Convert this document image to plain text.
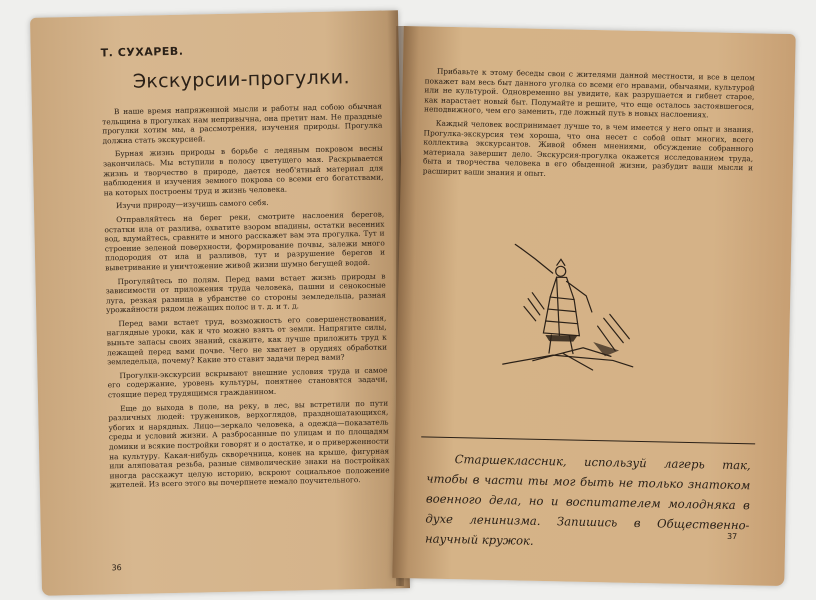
Т. СУХАРЕВ.
Экскурсии-прогулки.

В наше время напряженной мысли и работы над собою обычная тельщина в прогулках нам непривычна, она претит нам. Не праздные прогулки хотим мы, а рассмотрения, изучения природы. Прогулка должна стать экскурсией.

Бурная жизнь природы в борьбе с ледяным покровом весны закончилась. Мы вступили в полосу цветущего мая. Раскрывается жизнь и творчество в природе, дается необ'ятный материал для наблюдения и изучения земного покрова со всеми его богатствами, на которых построены труд и жизнь человека.

Изучи природу—изучишь самого себя.

Отправляйтесь на берег реки, смотрите наслоения берегов, остатки ила от разлива, охватите взором впадины, остатки весенних вод, вдумайтесь, сравните и много расскажет вам эта прогулка. Тут и строение зеленой поверхности, формирование почвы, залежи много плодородия от ила и разливов, тут и разрушение берегов и выветривание и уничтожение живой жизни шумно бегущей водой.

Прогуляйтесь по полям. Перед вами встает жизнь природы в зависимости от приложения труда человека, пашни и сенокосные луга, резкая разница в убранстве со стороны земледельца, разная урожайности рядом лежащих полос и т. д. и т. д.

Перед вами встает труд, возможность его совершенствования, наглядные уроки, как и что можно взять от земли. Напрягите силы, выньте запасы своих знаний, скажите, как лучше приложить труд к лежащей перед вами почве. Чего не хватает в орудиях обработки земледельца, почему? Какие это ставит задачи перед вами?

Прогулки-экскурсии вскрывают внешние условия труда и самое его содержание, уровень культуры, понятнее становятся задачи, стоящие перед трудящимся гражданином.

Еще до выхода в поле, на реку, в лес, вы встретили по пути различных людей: тружеников, верхоглядов, праздношатающихся, убогих и нарядных. Лицо—зеркало человека, а одежда—показатель среды и условий жизни. А разбросанные по улицам и по площадям домики и всякие постройки говорят и о достатке, и о приверженности на культуру. Какая-нибудь скворечница, конек на крыше, фигурная или аляповатая резьба, разные символические знаки на постройках иногда расскажут целую историю, вскроют социальное положение жителей. Из всего этого вы почерпнете немало поучительного.

36

Прибавьте к этому беседы свои с жителями данной местности, и все в целом покажет вам весь быт данного уголка со всеми его нравами, обычаями, культурой или не культурой. Одновременно вы увидите, как разрушается и гибнет старое, как нарастает новый быт. Подумайте и решите, что еще осталось застоявшегося, неподвижного, чем его заменить, где ложный путь в новых наслоениях.

Каждый человек воспринимает лучше то, в чем имеется у него опыт и знания. Прогулка-экскурсия тем хороша, что она несет с собой опыт многих, всего коллектива экскурсантов. Живой обмен мнениями, обсуждение собранного материала завершит дело. Экскурсия-прогулка окажется исследованием труда, быта и творчества человека в его обыденной жизни, разбудит ваши мысли и расширит ваши знания и опыт.

Старшеклассник, используй лагерь так, чтобы в части ты мог быть не только знатоком военного дела, но и воспитателем молодняка в духе ленинизма. Запишись в Общественно-научный кружок.	37
